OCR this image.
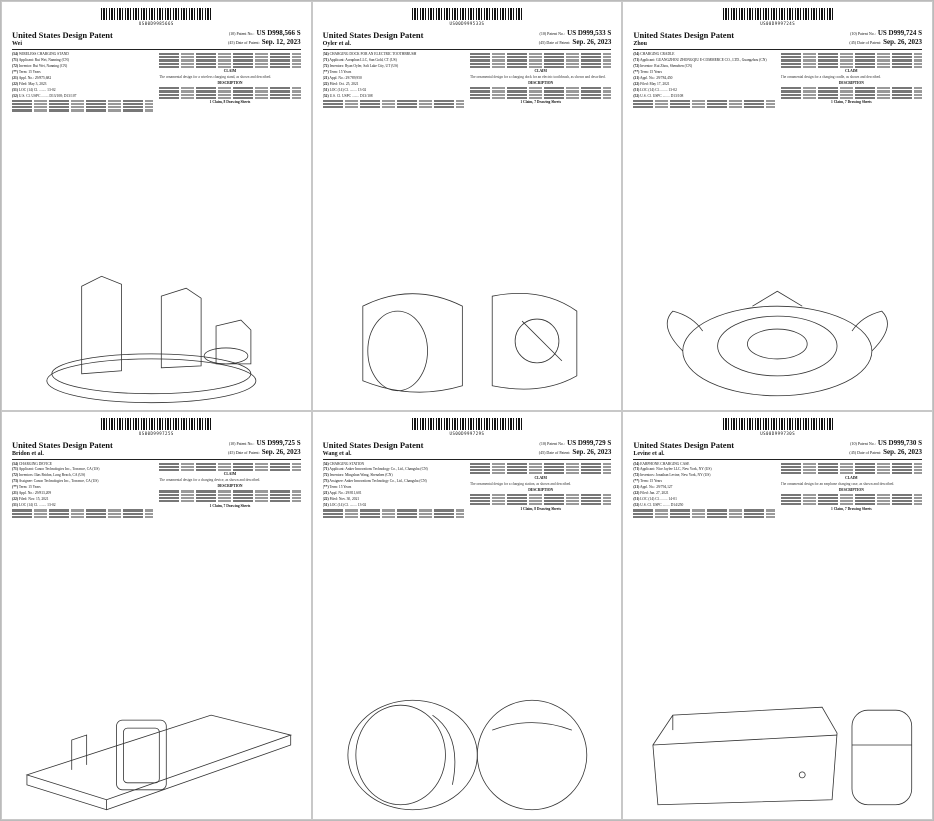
US00D998566S
United States Design Patent
Wei
(10) Patent No.: US D998,566 S
(45) Date of Patent: Sep. 12, 2023
(54) WIRELESS CHARGING STAND
(71) Applicant: Rui Wei, Nanning (CN)
(72) Inventor: Rui Wei, Nanning (CN)
(**) Term: 15 Years
(21) Appl. No.: 29/875,682
(22) Filed: May 3, 2023
(51) LOC (14) Cl. ........ 13-02
(52) U.S. Cl. USPC ........ D13/108; D13/107
CLAIM
The ornamental design for a wireless charging stand, as shown and described.
DESCRIPTION
1 Claim, 8 Drawing Sheets
US00D999533S
United States Design Patent
Oyler et al.
(10) Patent No.: US D999,533 S
(45) Date of Patent: Sep. 26, 2023
(54) CHARGING DOCK FOR AN ELECTRIC TOOTHBRUSH
(71) Applicant: Aoraphan LLC, Sun Gold, CT (US)
(72) Inventors: Ryan Oyler, Salt Lake City, UT (US)
(**) Term: 15 Years
(21) Appl. No.: 29/789,950
(22) Filed: Oct. 25, 2021
(51) LOC (14) Cl. ........ 13-02
(52) U.S. Cl. USPC ........ D13/108
CLAIM
The ornamental design for a charging dock for an electric toothbrush, as shown and described.
DESCRIPTION
1 Claim, 7 Drawing Sheets
US00D999724S
United States Design Patent
Zhou
(10) Patent No.: US D999,724 S
(45) Date of Patent: Sep. 26, 2023
(54) CHARGING CRADLE
(71) Applicant: GUANGZHOU ZHONGQIU E-COMMERCE CO., LTD., Guangzhou (CN)
(72) Inventor: Rui Zhou, Shenzhen (CN)
(**) Term: 15 Years
(21) Appl. No.: 29/784,450
(22) Filed: May 17, 2021
(51) LOC (14) Cl. ........ 13-02
(52) U.S. Cl. USPC ........ D13/108
CLAIM
The ornamental design for a charging cradle, as shown and described.
DESCRIPTION
1 Claim, 7 Drawing Sheets
US00D999725S
United States Design Patent
Bridon et al.
(10) Patent No.: US D999,725 S
(45) Date of Patent: Sep. 26, 2023
(54) CHARGING DEVICE
(71) Applicant: Canoo Technologies Inc., Torrance, CA (US)
(72) Inventors: Ilias Bridon, Long Beach, CA (US)
(73) Assignee: Canoo Technologies Inc., Torrance, CA (US)
(**) Term: 15 Years
(21) Appl. No.: 29/813,209
(22) Filed: Nov. 15, 2021
(51) LOC (14) Cl. ........ 13-02
CLAIM
The ornamental design for a charging device, as shown and described.
DESCRIPTION
1 Claim, 7 Drawing Sheets
US00D999729S
United States Design Patent
Wang et al.
(10) Patent No.: US D999,729 S
(45) Date of Patent: Sep. 26, 2023
(54) CHARGING STATION
(71) Applicant: Anker Innovations Technology Co., Ltd., Changsha (CN)
(72) Inventors: Mingshan Wang, Shenzhen (CN)
(73) Assignee: Anker Innovations Technology Co., Ltd., Changsha (CN)
(**) Term: 15 Years
(21) Appl. No.: 29/811,601
(22) Filed: Nov. 30, 2021
(51) LOC (14) Cl. ........ 13-02
CLAIM
The ornamental design for a charging station, as shown and described.
DESCRIPTION
1 Claim, 8 Drawing Sheets
US00D999730S
United States Design Patent
Levine et al.
(10) Patent No.: US D999,730 S
(45) Date of Patent: Sep. 26, 2023
(54) EARPHONE CHARGING CASE
(71) Applicant: Nice Jaylee LLC, New York, NY (US)
(72) Inventors: Jonathan Levine, New York, NY (US)
(**) Term: 15 Years
(21) Appl. No.: 29/794,127
(22) Filed: Jan. 27, 2021
(51) LOC (14) Cl. ........ 14-01
(52) U.S. Cl. USPC ........ D14/250
CLAIM
The ornamental design for an earphone charging case, as shown and described.
DESCRIPTION
1 Claim, 7 Drawing Sheets
